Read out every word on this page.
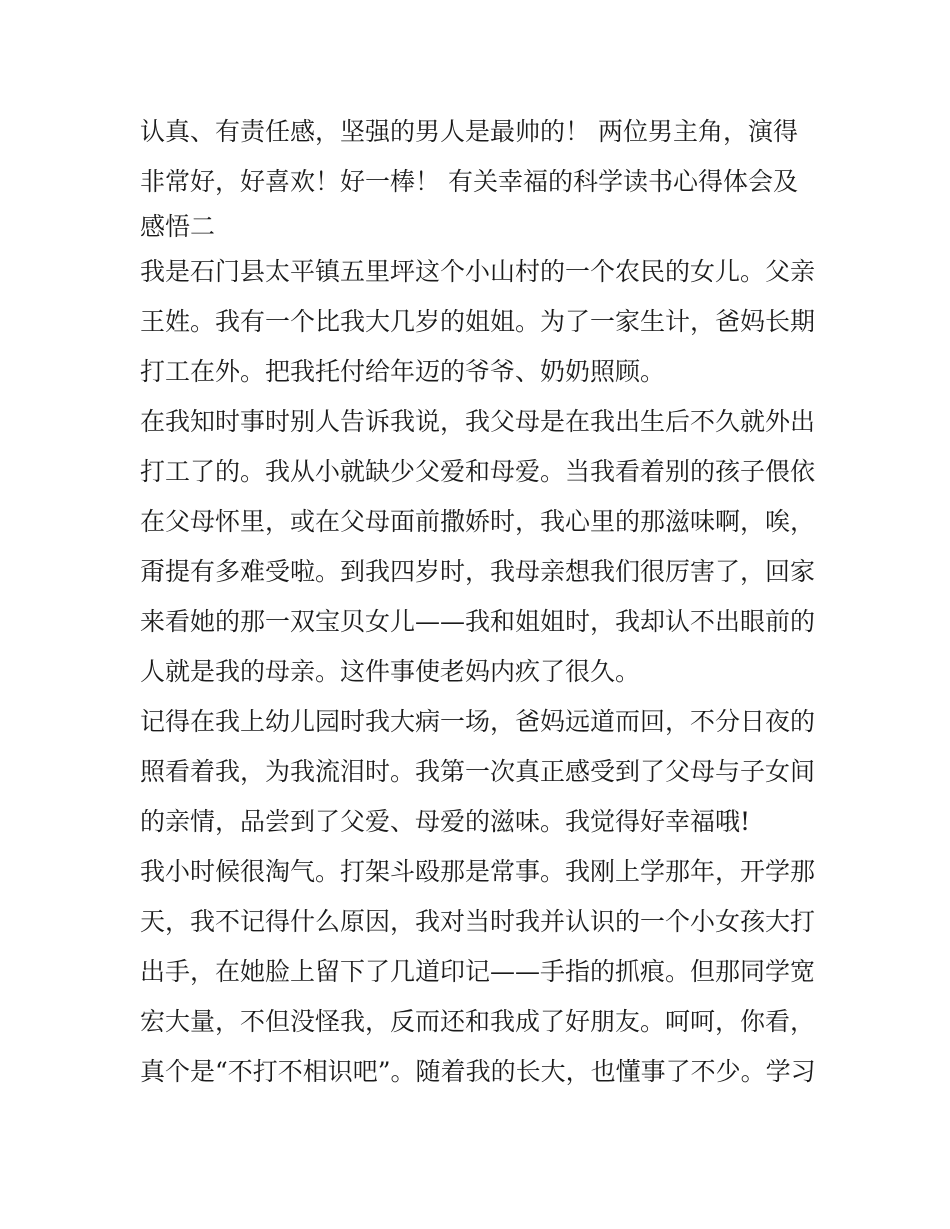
认真、有责任感，坚强的男人是最帅的！ 两位男主角，演得
非常好，好喜欢！好一棒！ 有关幸福的科学读书心得体会及
感悟二
我是石门县太平镇五里坪这个小山村的一个农民的女儿。父亲
王姓。我有一个比我大几岁的姐姐。为了一家生计，爸妈长期
打工在外。把我托付给年迈的爷爷、奶奶照顾。
在我知时事时别人告诉我说，我父母是在我出生后不久就外出
打工了的。我从小就缺少父爱和母爱。当我看着别的孩子偎依
在父母怀里，或在父母面前撒娇时，我心里的那滋味啊，唉，
甭提有多难受啦。到我四岁时，我母亲想我们很厉害了，回家
来看她的那一双宝贝女儿——我和姐姐时，我却认不出眼前的
人就是我的母亲。这件事使老妈内疚了很久。
记得在我上幼儿园时我大病一场，爸妈远道而回，不分日夜的
照看着我，为我流泪时。我第一次真正感受到了父母与子女间
的亲情，品尝到了父爱、母爱的滋味。我觉得好幸福哦!
我小时候很淘气。打架斗殴那是常事。我刚上学那年，开学那
天，我不记得什么原因，我对当时我并认识的一个小女孩大打
出手，在她脸上留下了几道印记——手指的抓痕。但那同学宽
宏大量，不但没怪我，反而还和我成了好朋友。呵呵，你看，
真个是“不打不相识吧”。随着我的长大，也懂事了不少。学习
